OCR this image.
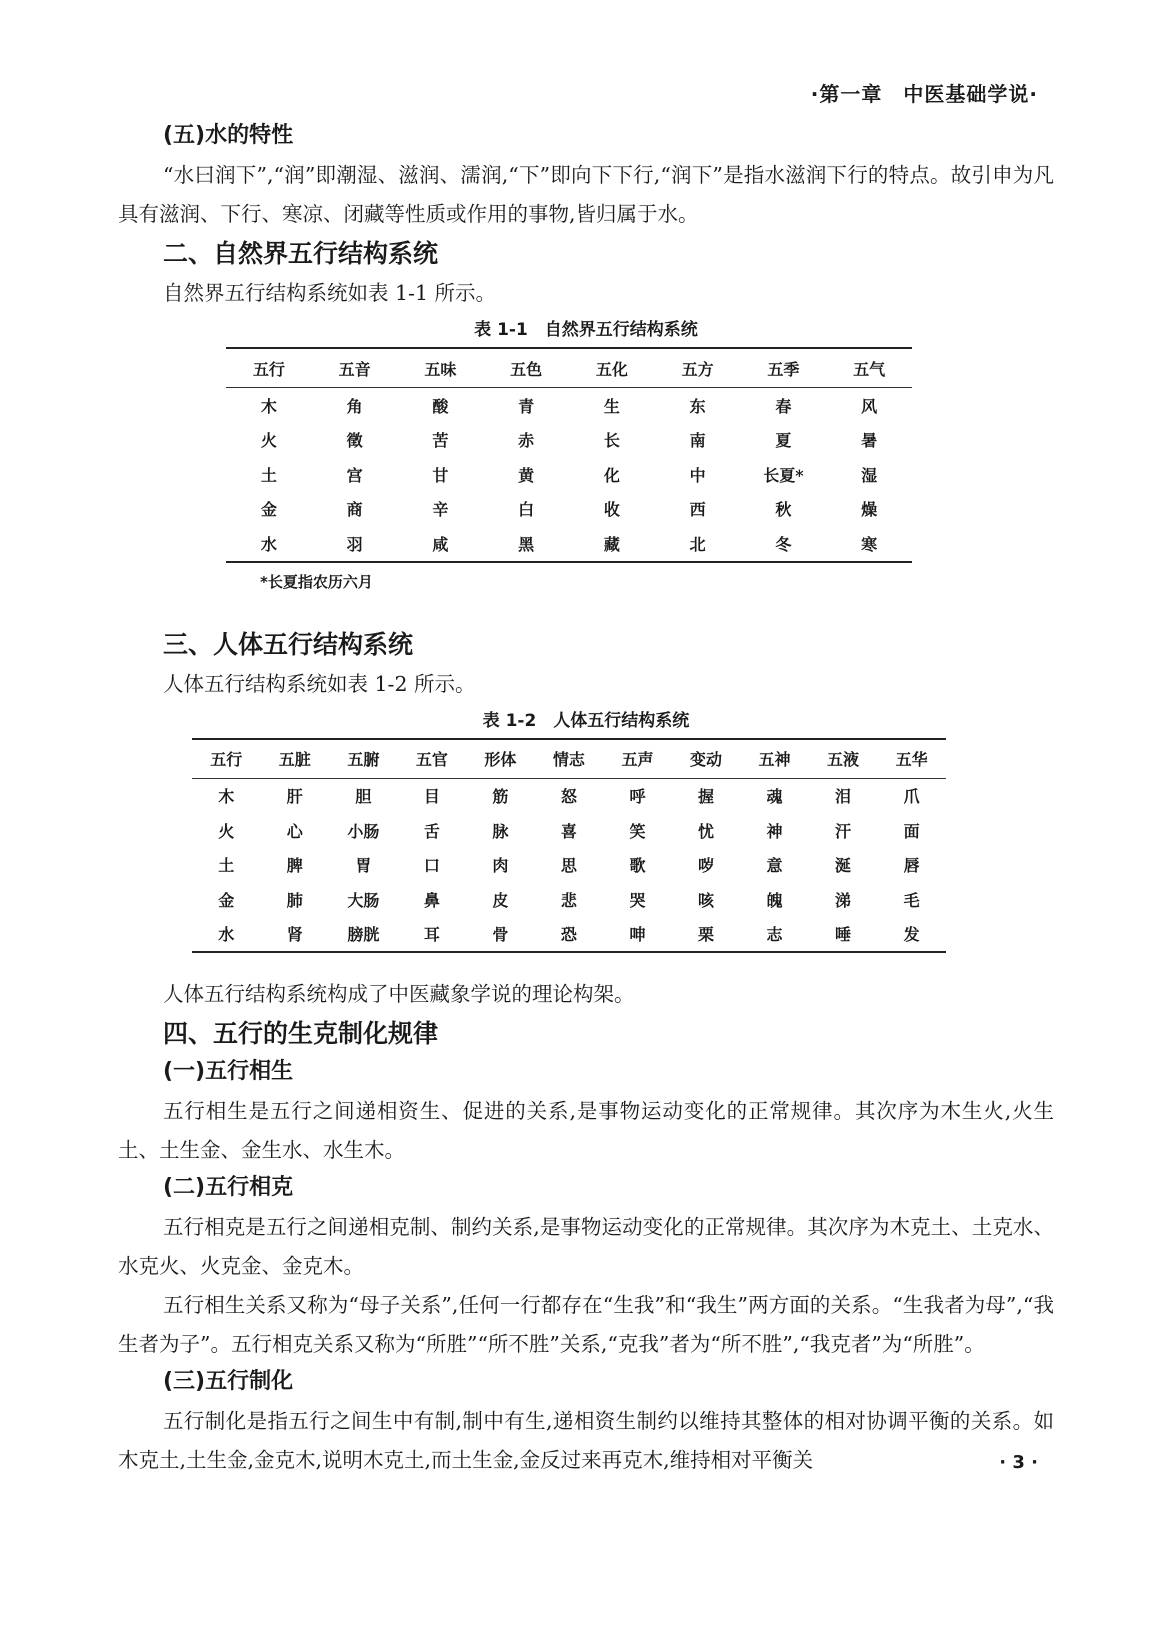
·第一章　中医基础学说·
(五)水的特性

“水曰润下”,“润”即潮湿、滋润、濡润,“下”即向下下行,“润下”是指水滋润下行的特点。故引申为凡具有滋润、下行、寒凉、闭藏等性质或作用的事物,皆归属于水。

二、自然界五行结构系统

自然界五行结构系统如表 1-1 所示。

表 1-1　自然界五行结构系统
五行	五音	五味	五色	五化	五方	五季	五气
木	角	酸	青	生	东	春	风
火	徵	苦	赤	长	南	夏	暑
土	宫	甘	黄	化	中	长夏*	湿
金	商	辛	白	收	西	秋	燥
水	羽	咸	黑	藏	北	冬	寒
*长夏指农历六月
三、人体五行结构系统

人体五行结构系统如表 1-2 所示。

表 1-2　人体五行结构系统
五行	五脏	五腑	五官	形体	情志	五声	变动	五神	五液	五华
木	肝	胆	目	筋	怒	呼	握	魂	泪	爪
火	心	小肠	舌	脉	喜	笑	忧	神	汗	面
土	脾	胃	口	肉	思	歌	哕	意	涎	唇
金	肺	大肠	鼻	皮	悲	哭	咳	魄	涕	毛
水	肾	膀胱	耳	骨	恐	呻	栗	志	唾	发

人体五行结构系统构成了中医藏象学说的理论构架。

四、五行的生克制化规律
(一)五行相生

五行相生是五行之间递相资生、促进的关系,是事物运动变化的正常规律。其次序为木生火,火生土、土生金、金生水、水生木。

(二)五行相克

五行相克是五行之间递相克制、制约关系,是事物运动变化的正常规律。其次序为木克土、土克水、水克火、火克金、金克木。

五行相生关系又称为“母子关系”,任何一行都存在“生我”和“我生”两方面的关系。“生我者为母”,“我生者为子”。五行相克关系又称为“所胜”“所不胜”关系,“克我”者为“所不胜”,“我克者”为“所胜”。

(三)五行制化

五行制化是指五行之间生中有制,制中有生,递相资生制约以维持其整体的相对协调平衡的关系。如木克土,土生金,金克木,说明木克土,而土生金,金反过来再克木,维持相对平衡关	· 3 ·
